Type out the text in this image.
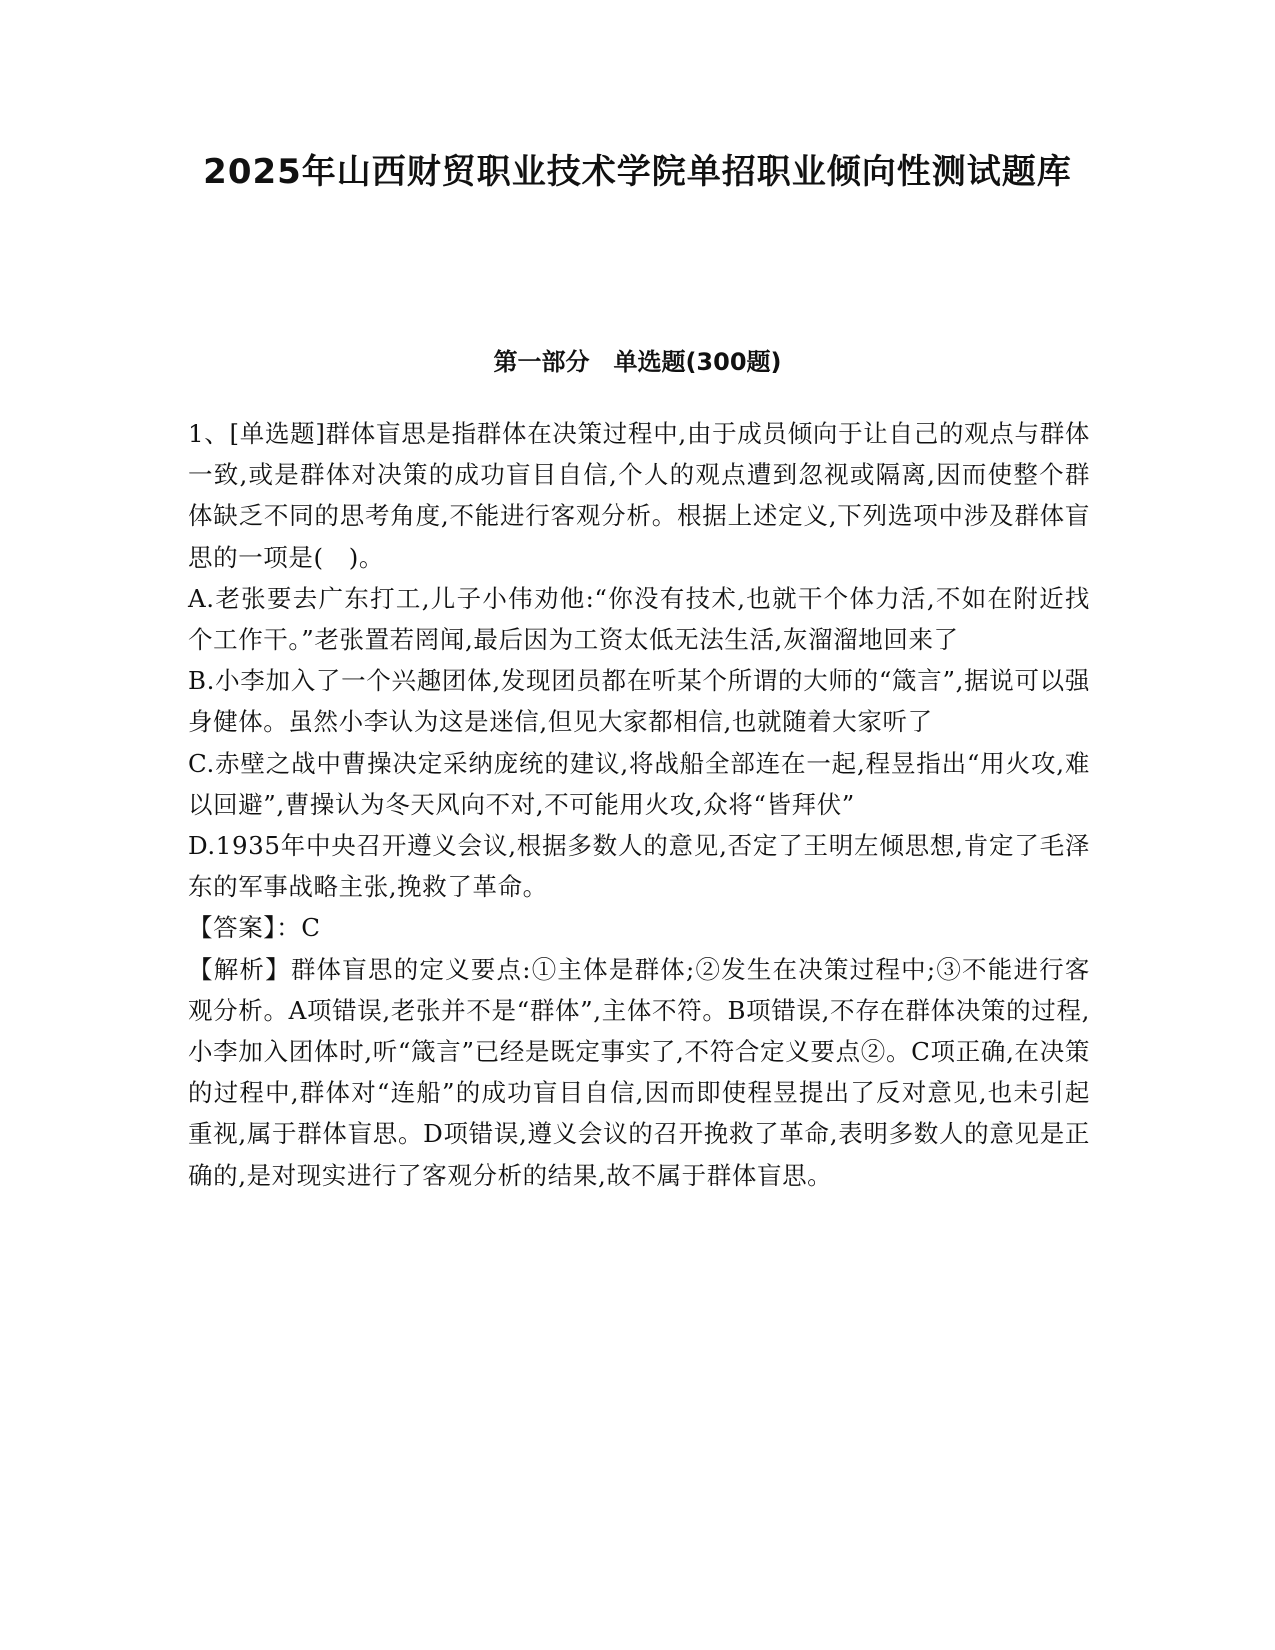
2025年山西财贸职业技术学院单招职业倾向性测试题库
第一部分　单选题(300题)

1、[单选题]群体盲思是指群体在决策过程中,由于成员倾向于让自己的观点与群体一致,或是群体对决策的成功盲目自信,个人的观点遭到忽视或隔离,因而使整个群体缺乏不同的思考角度,不能进行客观分析。根据上述定义,下列选项中涉及群体盲思的一项是(　)。

A.老张要去广东打工,儿子小伟劝他:“你没有技术,也就干个体力活,不如在附近找个工作干。”老张置若罔闻,最后因为工资太低无法生活,灰溜溜地回来了

B.小李加入了一个兴趣团体,发现团员都在听某个所谓的大师的“箴言”,据说可以强身健体。虽然小李认为这是迷信,但见大家都相信,也就随着大家听了

C.赤壁之战中曹操决定采纳庞统的建议,将战船全部连在一起,程昱指出“用火攻,难以回避”,曹操认为冬天风向不对,不可能用火攻,众将“皆拜伏”

D.1935年中央召开遵义会议,根据多数人的意见,否定了王明左倾思想,肯定了毛泽东的军事战略主张,挽救了革命。

【答案】：C

【解析】群体盲思的定义要点:①主体是群体;②发生在决策过程中;③不能进行客观分析。A项错误,老张并不是“群体”,主体不符。B项错误,不存在群体决策的过程,小李加入团体时,听“箴言”已经是既定事实了,不符合定义要点②。C项正确,在决策的过程中,群体对“连船”的成功盲目自信,因而即使程昱提出了反对意见,也未引起重视,属于群体盲思。D项错误,遵义会议的召开挽救了革命,表明多数人的意见是正确的,是对现实进行了客观分析的结果,故不属于群体盲思。
